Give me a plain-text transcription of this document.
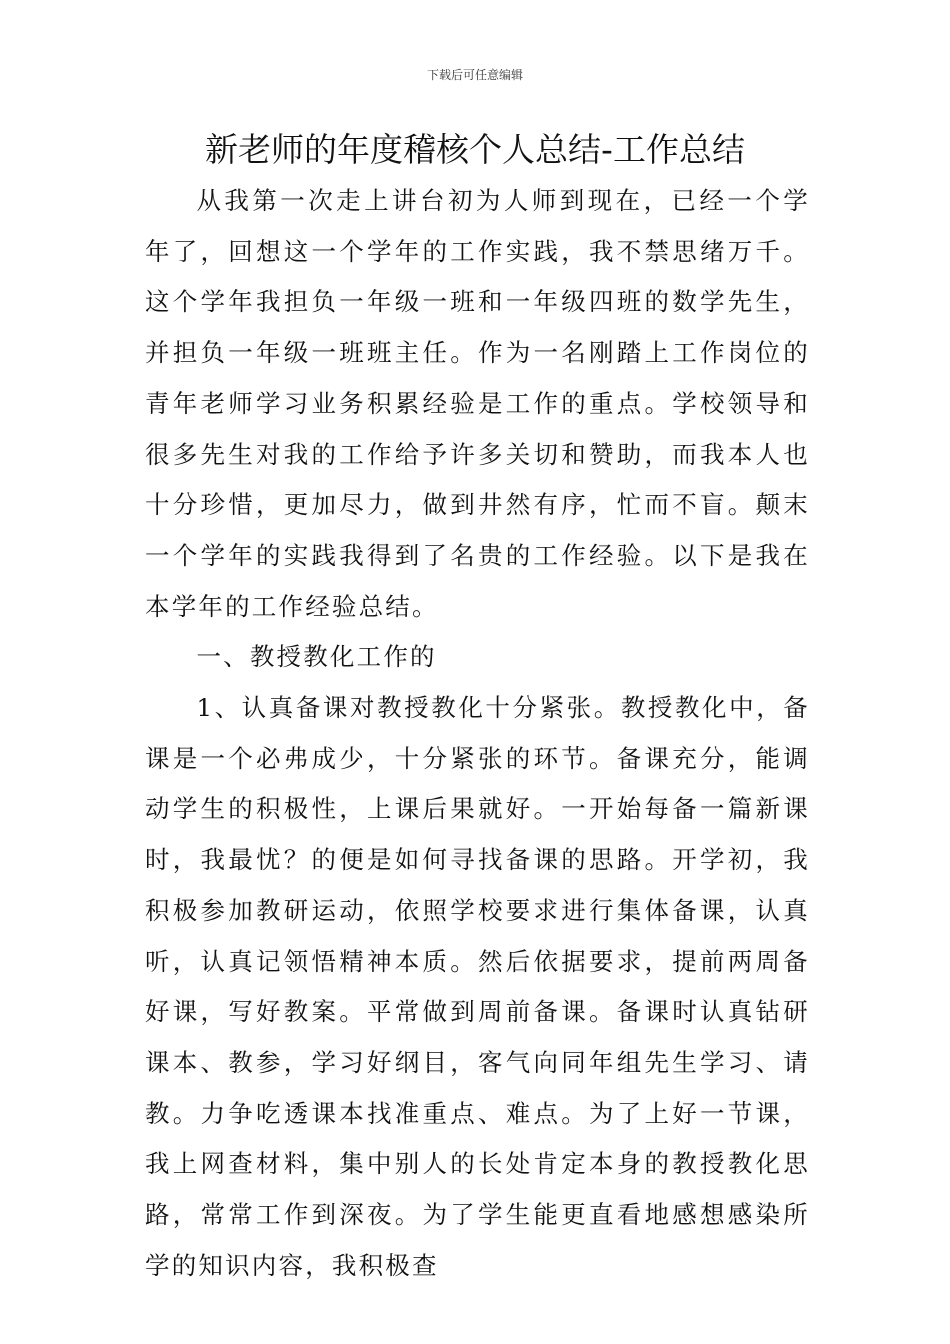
下载后可任意编辑
新老师的年度稽核个人总结-工作总结

从我第一次走上讲台初为人师到现在，已经一个学年了，回想这一个学年的工作实践，我不禁思绪万千。这个学年我担负一年级一班和一年级四班的数学先生，并担负一年级一班班主任。作为一名刚踏上工作岗位的青年老师学习业务积累经验是工作的重点。学校领导和很多先生对我的工作给予许多关切和赞助，而我本人也十分珍惜，更加尽力，做到井然有序，忙而不盲。颠末一个学年的实践我得到了名贵的工作经验。以下是我在本学年的工作经验总结。

一、教授教化工作的

1、认真备课对教授教化十分紧张。教授教化中，备课是一个必弗成少，十分紧张的环节。备课充分，能调动学生的积极性，上课后果就好。一开始每备一篇新课时，我最忧？的便是如何寻找备课的思路。开学初，我积极参加教研运动，依照学校要求进行集体备课，认真听，认真记领悟精神本质。然后依据要求，提前两周备好课，写好教案。平常做到周前备课。备课时认真钻研课本、教参，学习好纲目，客气向同年组先生学习、请教。力争吃透课本找准重点、难点。为了上好一节课，我上网查材料，集中别人的长处肯定本身的教授教化思路，常常工作到深夜。为了学生能更直看地感想感染所学的知识内容，我积极查
